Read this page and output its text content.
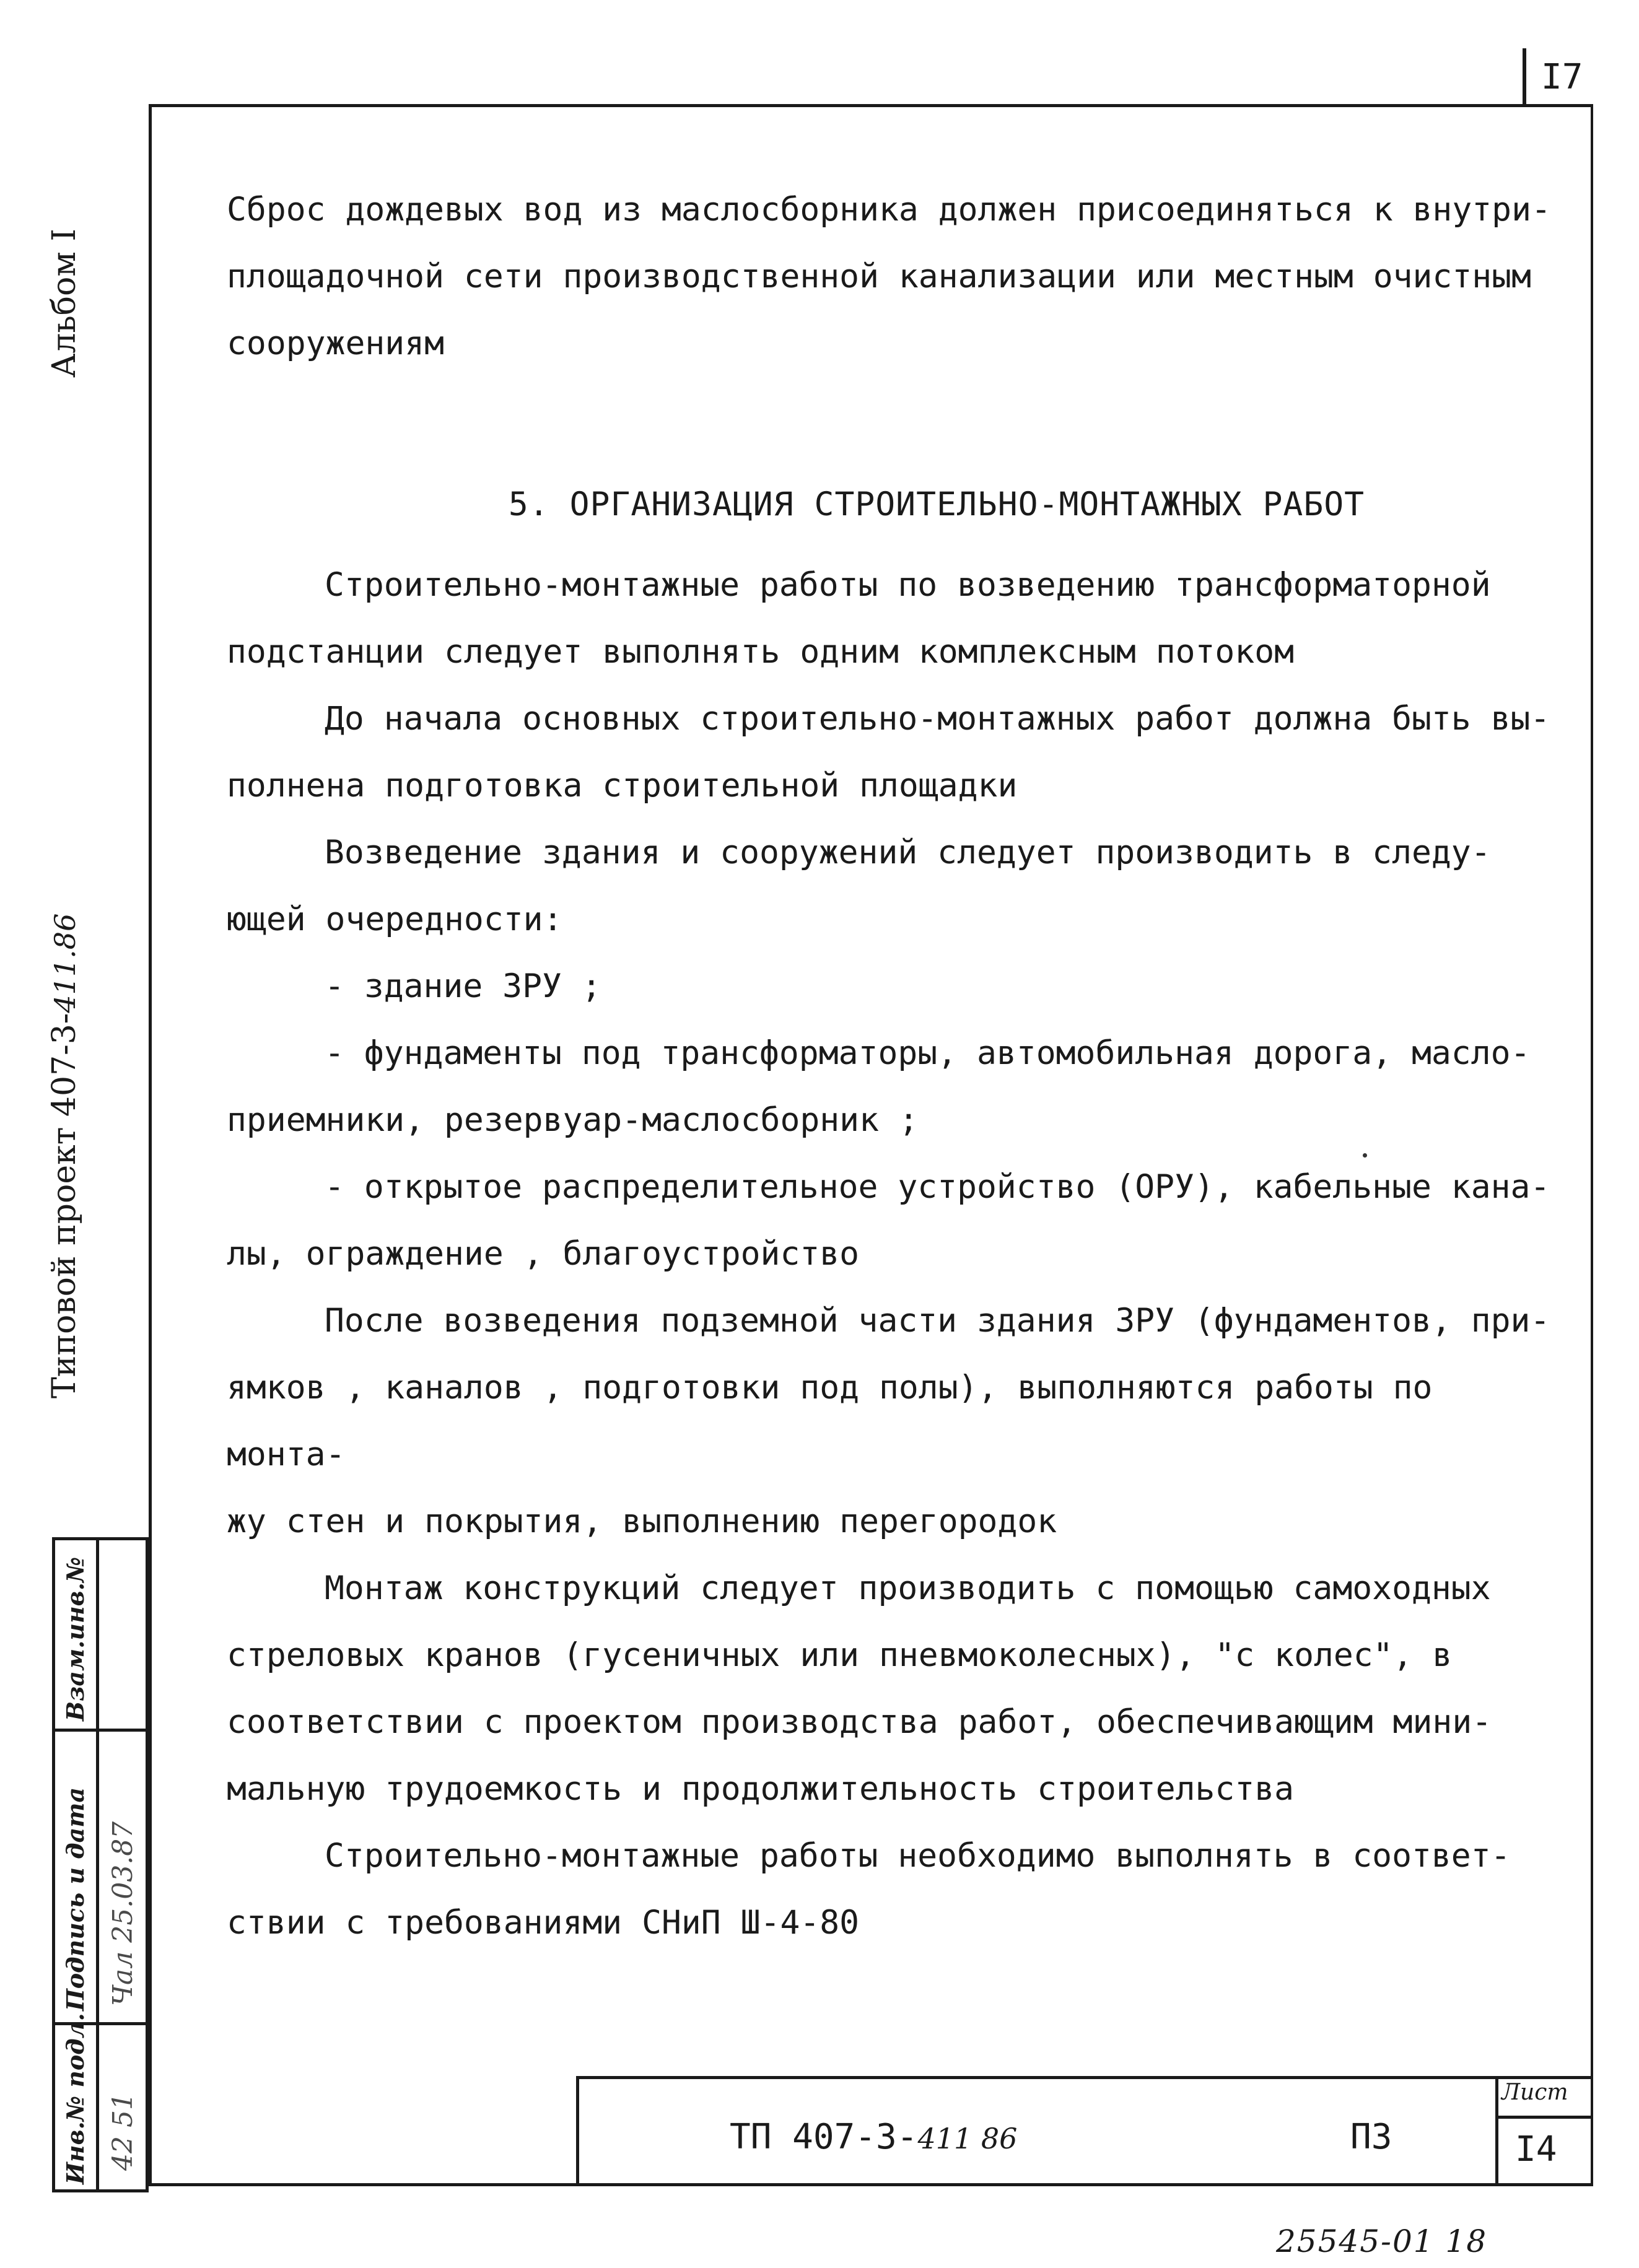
I7
Альбом I
Типовой проект 407-3-411.86

Сброс дождевых вод из маслосборника должен присоединяться к внутри-

площадочной сети производственной канализации или местным очистным

сооружениям

5. ОРГАНИЗАЦИЯ СТРОИТЕЛЬНО-МОНТАЖНЫХ РАБОТ

Строительно-монтажные работы по возведению трансформаторной

подстанции следует выполнять одним комплексным потоком

До начала основных строительно-монтажных работ должна быть вы-

полнена подготовка строительной площадки

Возведение здания и сооружений следует производить в следу-

ющей очередности:

- здание ЗРУ ;

- фундаменты под трансформаторы, автомобильная дорога, масло-

приемники, резервуар-маслосборник ;

- открытое распределительное устройство (ОРУ), кабельные кана-

лы, ограждение , благоустройство

После возведения подземной части здания ЗРУ (фундаментов, при-

ямков , каналов , подготовки под полы), выполняются работы по монта-

жу стен и покрытия, выполнению перегородок

Монтаж конструкций следует производить с помощью самоходных

стреловых кранов (гусеничных или пневмоколесных), "с колес", в

соответствии с проектом производства работ, обеспечивающим мини-

мальную трудоемкость и продолжительность строительства

Строительно-монтажные работы необходимо выполнять в соответ-

ствии с требованиями СНиП Ш-4-80

Инв.№ подл. 42 51
Подпись и дата Чал 25.03.87
Взам.инв.№
ТП 407-3-411 86	ПЗ
Лист
I4
25545-01 18
